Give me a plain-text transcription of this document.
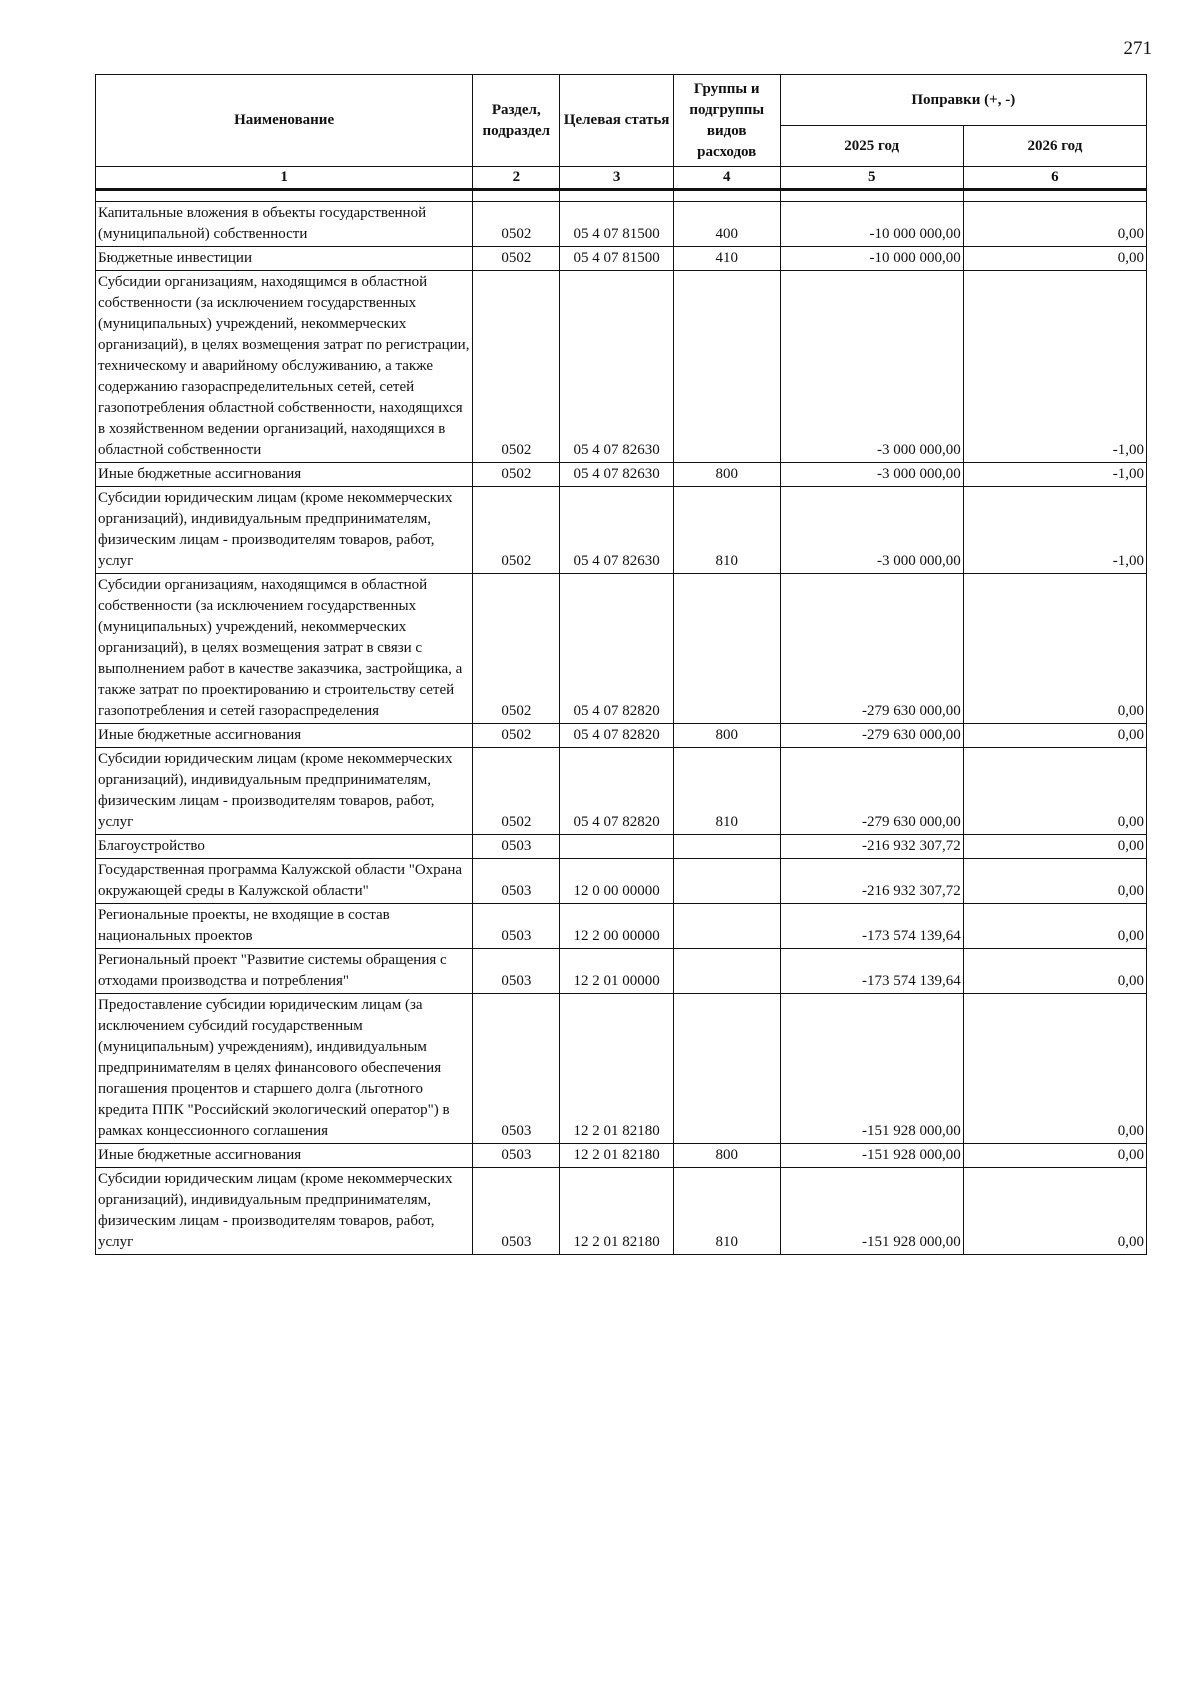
271
Наименование	Раздел, подраздел	Целевая статья	Группы и подгруппы видов расходов	Поправки (+, -)	
				2025 год	2026 год
1	2	3	4	5	6

Капитальные вложения в объекты государственной (муниципальной) собственности	0502	05 4 07 81500	400	-10 000 000,00	0,00
Бюджетные инвестиции	0502	05 4 07 81500	410	-10 000 000,00	0,00
Субсидии организациям, находящимся в областной собственности (за исключением государственных (муниципальных) учреждений, некоммерческих организаций), в целях возмещения затрат по регистрации, техническому и аварийному обслуживанию, а также содержанию газораспределительных сетей, сетей газопотребления областной собственности, находящихся в хозяйственном ведении организаций, находящихся в областной собственности	0502	05 4 07 82630		-3 000 000,00	-1,00
Иные бюджетные ассигнования	0502	05 4 07 82630	800	-3 000 000,00	-1,00
Субсидии юридическим лицам (кроме некоммерческих организаций), индивидуальным предпринимателям, физическим лицам - производителям товаров, работ, услуг	0502	05 4 07 82630	810	-3 000 000,00	-1,00
Субсидии организациям, находящимся в областной собственности (за исключением государственных (муниципальных) учреждений, некоммерческих организаций), в целях возмещения затрат в связи с выполнением работ в качестве заказчика, застройщика, а также затрат по проектированию и строительству сетей газопотребления и сетей газораспределения	0502	05 4 07 82820		-279 630 000,00	0,00
Иные бюджетные ассигнования	0502	05 4 07 82820	800	-279 630 000,00	0,00
Субсидии юридическим лицам (кроме некоммерческих организаций), индивидуальным предпринимателям, физическим лицам - производителям товаров, работ, услуг	0502	05 4 07 82820	810	-279 630 000,00	0,00
Благоустройство	0503			-216 932 307,72	0,00
Государственная программа Калужской области "Охрана окружающей среды в Калужской области"	0503	12 0 00 00000		-216 932 307,72	0,00
Региональные проекты, не входящие в состав национальных проектов	0503	12 2 00 00000		-173 574 139,64	0,00
Региональный проект "Развитие системы обращения с отходами производства и потребления"	0503	12 2 01 00000		-173 574 139,64	0,00
Предоставление субсидии юридическим лицам (за исключением субсидий государственным (муниципальным) учреждениям), индивидуальным предпринимателям в целях финансового обеспечения погашения процентов и старшего долга (льготного кредита ППК "Российский экологический оператор") в рамках концессионного соглашения	0503	12 2 01 82180		-151 928 000,00	0,00
Иные бюджетные ассигнования	0503	12 2 01 82180	800	-151 928 000,00	0,00
Субсидии юридическим лицам (кроме некоммерческих организаций), индивидуальным предпринимателям, физическим лицам - производителям товаров, работ, услуг	0503	12 2 01 82180	810	-151 928 000,00	0,00
